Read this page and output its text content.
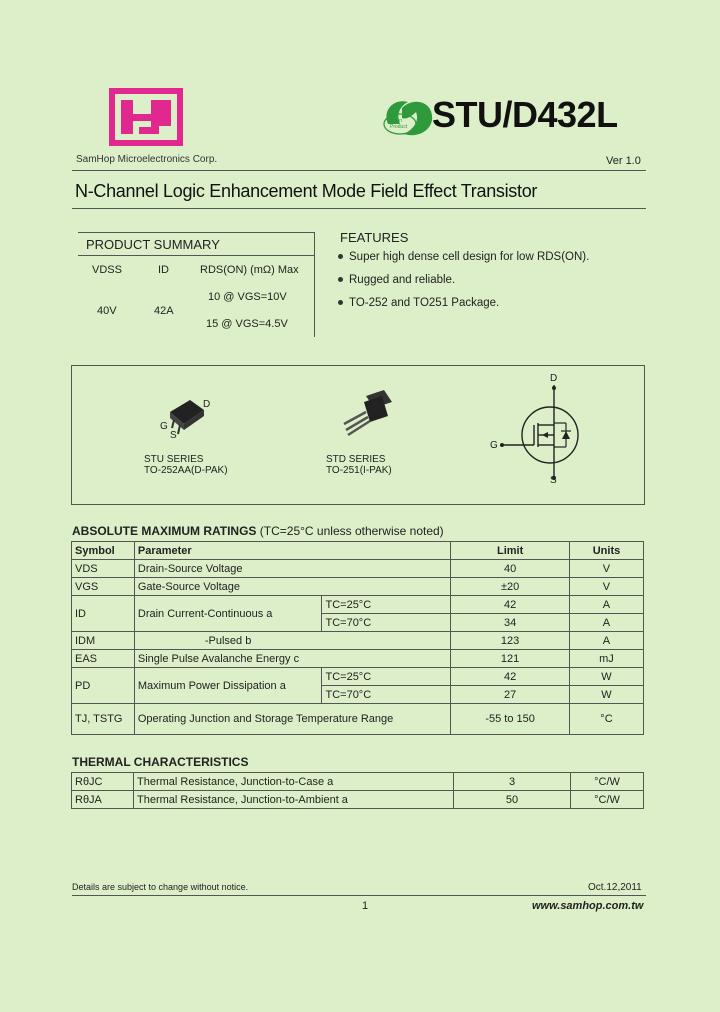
SamHop Microelectronics Corp.
Green
Product STU/D432L
Ver 1.0
N-Channel Logic Enhancement Mode Field Effect Transistor
PRODUCT SUMMARY
VDSS	ID	RDS(ON) (mΩ) Max
40V	42A
10 @ VGS=10V
15 @ VGS=4.5V
FEATURES
Super high dense cell design for low RDS(ON).
Rugged and reliable.
TO-252 and TO251 Package.
D
G
S
STU SERIES
TO-252AA(D-PAK)
STD SERIES
TO-251(I-PAK)
D
G
S
ABSOLUTE MAXIMUM RATINGS (TC=25°C unless otherwise noted)
Symbol	Parameter		Limit	Units
VDS	Drain-Source Voltage		40	V
VGS	Gate-Source Voltage		±20	V
ID	Drain Current-Continuous a	TC=25°C	42	A
		TC=70°C	34	A
IDM	-Pulsed b		123	A
EAS	Single Pulse Avalanche Energy c		121	mJ
PD	Maximum Power Dissipation a	TC=25°C	42	W
		TC=70°C	27	W
TJ, TSTG	Operating Junction and Storage Temperature Range		-55 to 150	°C
THERMAL CHARACTERISTICS
RθJC	Thermal Resistance, Junction-to-Case a	3	°C/W
RθJA	Thermal Resistance, Junction-to-Ambient a	50	°C/W
Details are subject to change without notice.	Oct.12,2011
1	www.samhop.com.tw
